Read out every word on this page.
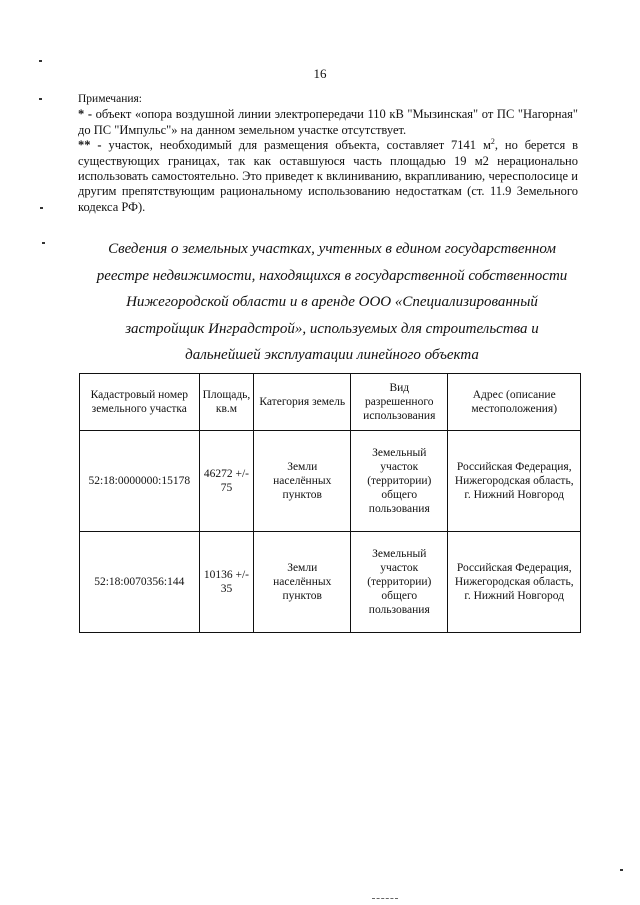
16
Примечания:

* - объект «опора воздушной линии электропередачи 110 кВ "Мызинская" от ПС "Нагорная" до ПС "Импульс"» на данном земельном участке отсутствует.

** - участок, необходимый для размещения объекта, составляет 7141 $м^2$, но берется в существующих границах, так как оставшуюся часть площадью 19 м2 нерационально использовать самостоятельно. Это приведет к вклиниванию, вкрапливанию, чересполосице и другим препятствующим рациональному использованию недостаткам (ст. 11.9 Земельного кодекса РФ).

Сведения о земельных участках, учтенных в едином государственном реестре недвижимости, находящихся в государственной собственности Нижегородской области и в аренде ООО «Специализированный застройщик Инградстрой», используемых для строительства и дальнейшей эксплуатации линейного объекта
Кадастровый номер земельного участка	Площадь, кв.м	Категория земель	Вид разрешенного использования	Адрес (описание местоположения)
52:18:0000000:15178	46272 +/- 75	Земли населённых пунктов	Земельный участок (территории) общего пользования	Российская Федерация, Нижегородская область, г. Нижний Новгород
52:18:0070356:144	10136 +/- 35	Земли населённых пунктов	Земельный участок (территории) общего пользования	Российская Федерация, Нижегородская область, г. Нижний Новгород
